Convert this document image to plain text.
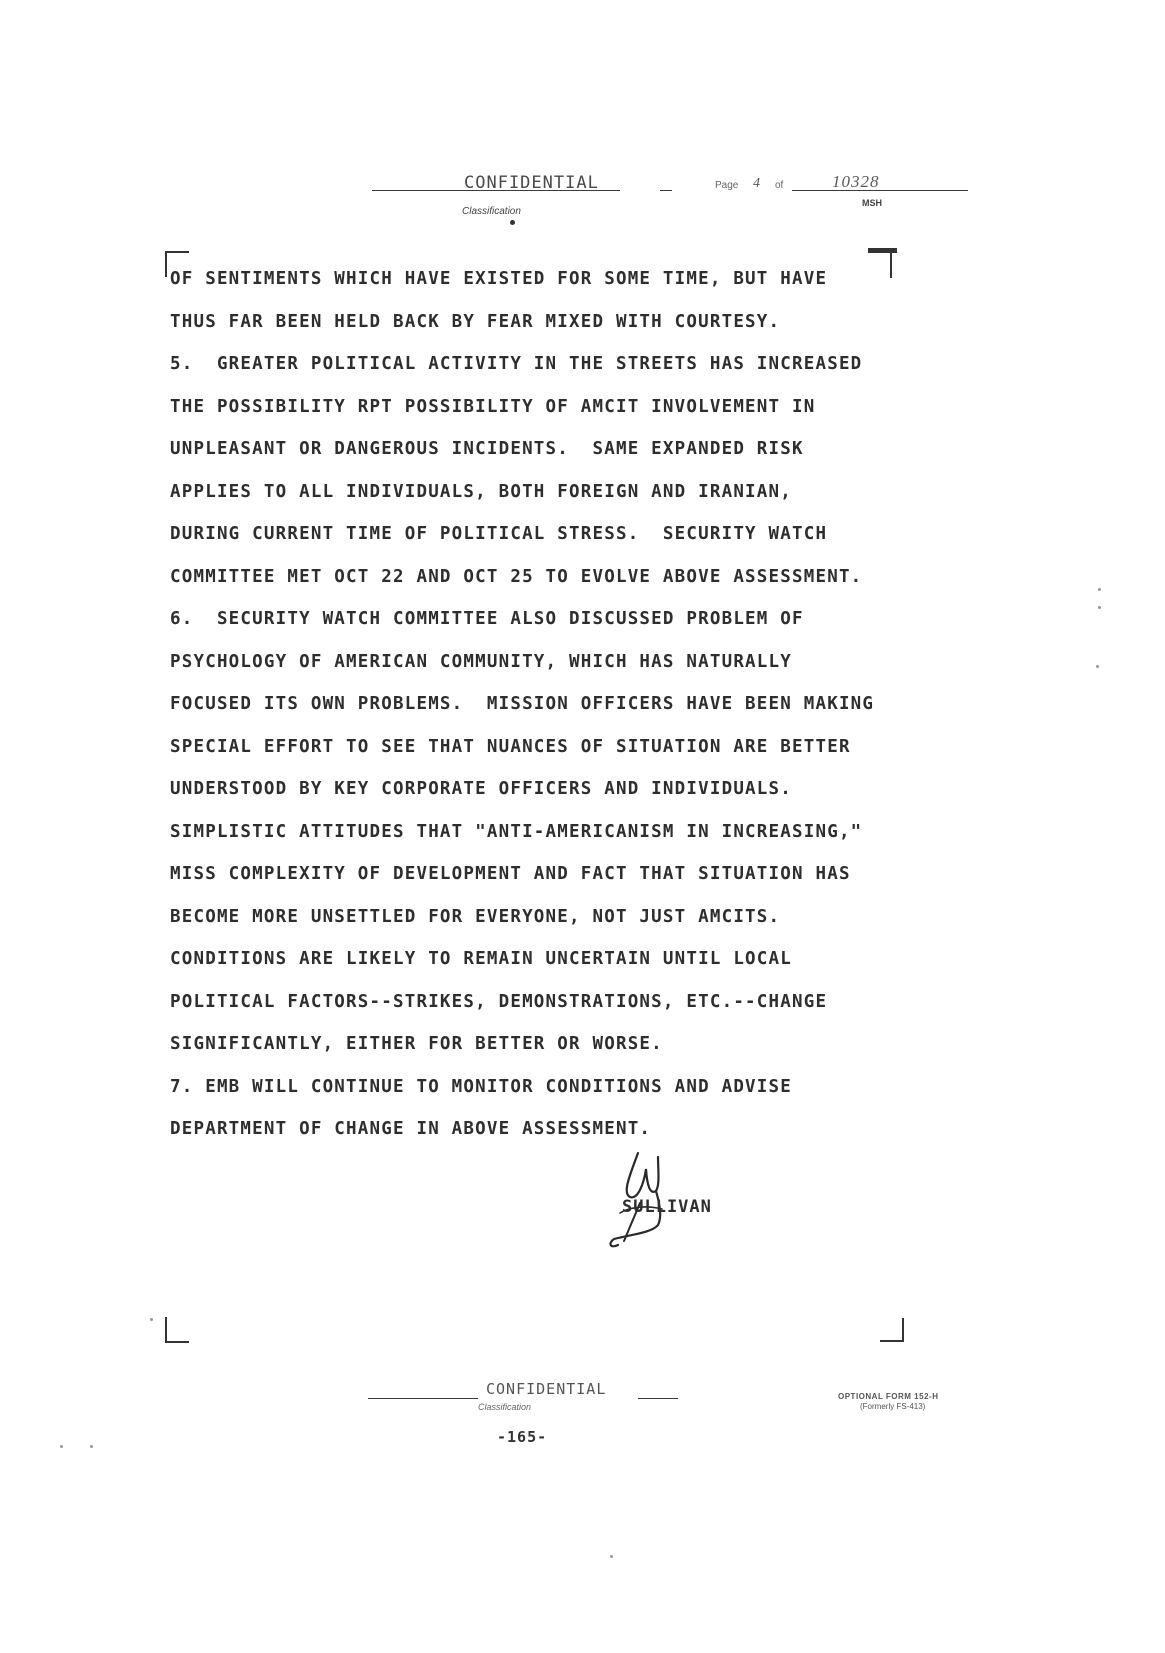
CONFIDENTIAL
Classification
Page 4 of	10328
MSH
OF SENTIMENTS WHICH HAVE EXISTED FOR SOME TIME, BUT HAVE
THUS FAR BEEN HELD BACK BY FEAR MIXED WITH COURTESY.
5.  GREATER POLITICAL ACTIVITY IN THE STREETS HAS INCREASED
THE POSSIBILITY RPT POSSIBILITY OF AMCIT INVOLVEMENT IN
UNPLEASANT OR DANGEROUS INCIDENTS.  SAME EXPANDED RISK
APPLIES TO ALL INDIVIDUALS, BOTH FOREIGN AND IRANIAN,
DURING CURRENT TIME OF POLITICAL STRESS.  SECURITY WATCH
COMMITTEE MET OCT 22 AND OCT 25 TO EVOLVE ABOVE ASSESSMENT.
6.  SECURITY WATCH COMMITTEE ALSO DISCUSSED PROBLEM OF
PSYCHOLOGY OF AMERICAN COMMUNITY, WHICH HAS NATURALLY
FOCUSED ITS OWN PROBLEMS.  MISSION OFFICERS HAVE BEEN MAKING
SPECIAL EFFORT TO SEE THAT NUANCES OF SITUATION ARE BETTER
UNDERSTOOD BY KEY CORPORATE OFFICERS AND INDIVIDUALS.
SIMPLISTIC ATTITUDES THAT "ANTI-AMERICANISM IN INCREASING,"
MISS COMPLEXITY OF DEVELOPMENT AND FACT THAT SITUATION HAS
BECOME MORE UNSETTLED FOR EVERYONE, NOT JUST AMCITS.
CONDITIONS ARE LIKELY TO REMAIN UNCERTAIN UNTIL LOCAL
POLITICAL FACTORS--STRIKES, DEMONSTRATIONS, ETC.--CHANGE
SIGNIFICANTLY, EITHER FOR BETTER OR WORSE.
7. EMB WILL CONTINUE TO MONITOR CONDITIONS AND ADVISE
DEPARTMENT OF CHANGE IN ABOVE ASSESSMENT.
SULLIVAN
CONFIDENTIAL
Classification
-165-
OPTIONAL FORM 152-H
(Formerly FS-413)
